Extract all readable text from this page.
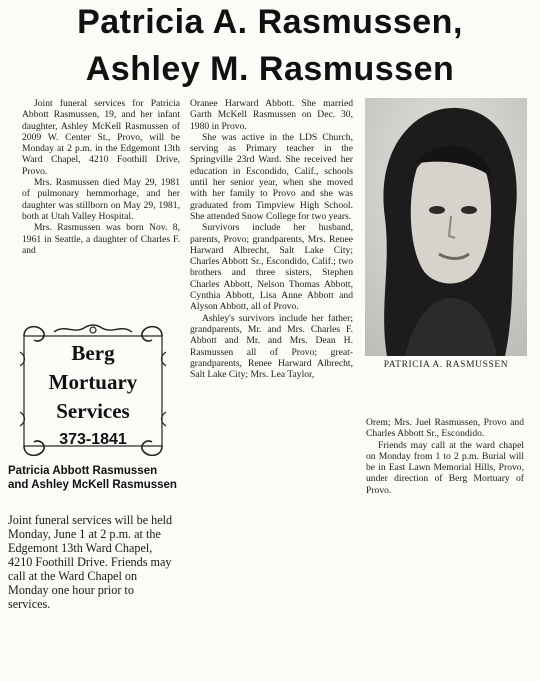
Patricia A. Rasmussen,
Ashley M. Rasmussen

Joint funeral services for Patricia Abbott Rasmussen, 19, and her infant daughter, Ashley McKell Rasmussen of 2009 W. Center St., Provo, will be Monday at 2 p.m. in the Edgemont 13th Ward Chapel, 4210 Foothill Drive, Provo.

Mrs. Rasmussen died May 29, 1981 of pulmonary hemmorhage, and her daughter was stillborn on May 29, 1981, both at Utah Valley Hospital.

Mrs. Rasmussen was born Nov. 8, 1961 in Seattle, a daughter of Charles F. and

Oranee Harward Abbott. She married Garth McKell Rasmussen on Dec. 30, 1980 in Provo.

She was active in the LDS Church, serving as Primary teacher in the Springville 23rd Ward. She received her education in Escondido, Calif., schools until her senior year, when she moved with her family to Provo and she was graduated from Timpview High School. She attended Snow College for two years.

Survivors include her husband, parents, Provo; grandparents, Mrs. Renee Harward Albrecht, Salt Lake City; Charles Abbott Sr., Escondido, Calif.; two brothers and three sisters, Stephen Charles Abbott, Nelson Thomas Abbott, Cynthia Abbott, Lisa Anne Abbott and Alyson Abbott, all of Provo.

Ashley's survivors include her father; grandparents, Mr. and Mrs. Charles F. Abbott and Mr. and Mrs. Dean H. Rasmussen all of Provo; great-grandparents, Renee Harward Albrecht, Salt Lake City; Mrs. Lea Taylor,

PATRICIA A. RASMUSSEN

Orem; Mrs. Juel Rasmussen, Provo and Charles Abbott Sr., Escondido.

Friends may call at the ward chapel on Monday from 1 to 2 p.m. Burial will be in East Lawn Memorial Hills, Provo, under direction of Berg Mortuary of Provo.

Berg
Mortuary
Services
373-1841
Patricia Abbott Rasmussen and Ashley McKell Rasmussen
Joint funeral services will be held Monday, June 1 at 2 p.m. at the Edgemont 13th Ward Chapel, 4210 Foothill Drive. Friends may call at the Ward Chapel on Monday one hour prior to services.
